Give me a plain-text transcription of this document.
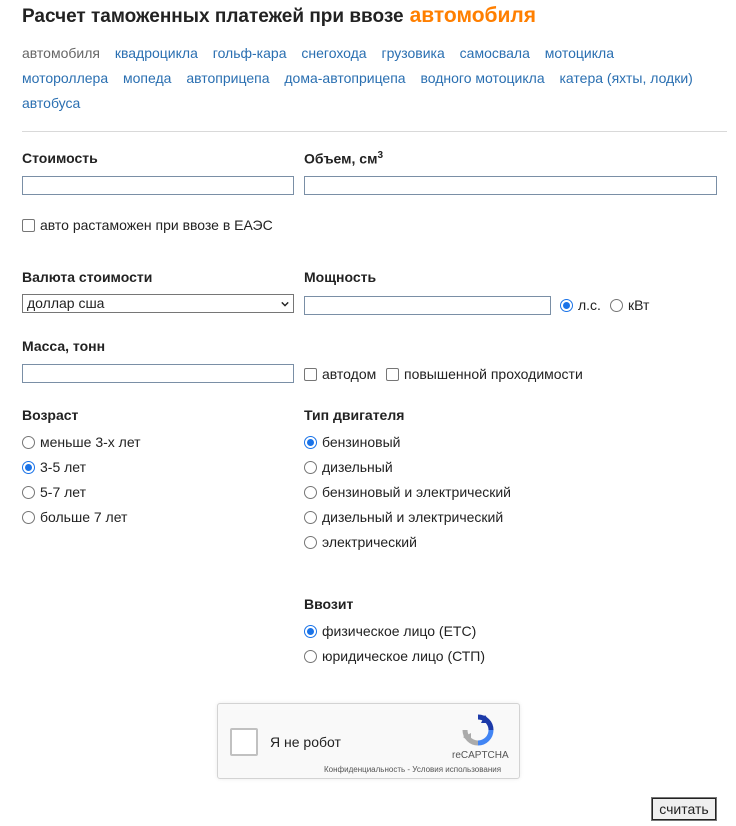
Расчет таможенных платежей при ввозе автомобиля
автомобиля квадроцикла гольф-кара снегохода грузовика самосвала мотоцикла мотороллера мопеда автоприцепа дома-автоприцепа водного мотоцикла катера (яхты, лодки) автобуса
Стоимость	Объем, $см^3$
авто растаможен при ввозе в ЕАЭС
Валюта стоимости	Мощность
доллар сша	л.с. кВт
Масса, тонн
автодом повышенной проходимости
Возраст
меньше 3-х лет
3-5 лет
5-7 лет
больше 7 лет
Тип двигателя
бензиновый
дизельный
бензиновый и электрический
дизельный и электрический
электрический
Ввозит
физическое лицо (ЕТС)
юридическое лицо (СТП)
Я не робот
reCAPTCHA
Конфиденциальность - Условия использования
считать
